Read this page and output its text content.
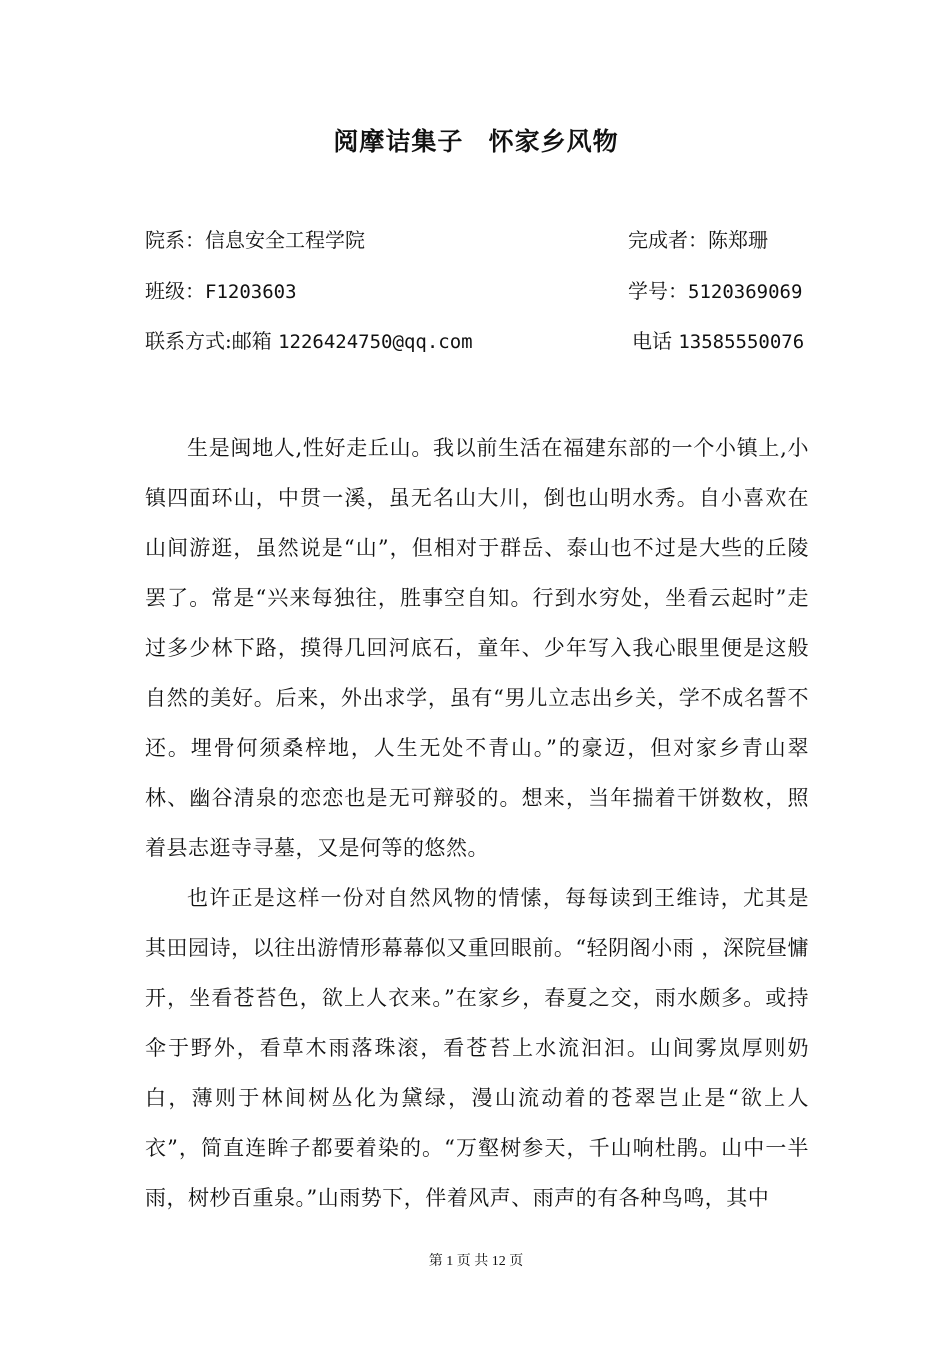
阅摩诘集子	怀家乡风物
院系：信息安全工程学院	完成者：陈郑珊
班级：F1203603	学号：5120369069
联系方式:邮箱 1226424750@qq.com	电话 13585550076

生是闽地人,性好走丘山。我以前生活在福建东部的一个小镇上,小镇四面环山，中贯一溪，虽无名山大川，倒也山明水秀。自小喜欢在山间游逛，虽然说是“山”，但相对于群岳、泰山也不过是大些的丘陵罢了。常是“兴来每独往，胜事空自知。行到水穷处，坐看云起时”走过多少林下路，摸得几回河底石，童年、少年写入我心眼里便是这般自然的美好。后来，外出求学，虽有“男儿立志出乡关，学不成名誓不还。埋骨何须桑梓地，人生无处不青山。”的豪迈，但对家乡青山翠林、幽谷清泉的恋恋也是无可辩驳的。想来，当年揣着干饼数枚，照着县志逛寺寻墓，又是何等的悠然。

也许正是这样一份对自然风物的情愫，每每读到王维诗，尤其是其田园诗，以往出游情形幕幕似又重回眼前。“轻阴阁小雨 ，深院昼慵开，坐看苍苔色，欲上人衣来。”在家乡，春夏之交，雨水颇多。或持伞于野外，看草木雨落珠滚，看苍苔上水流汩汩。山间雾岚厚则奶白，薄则于林间树丛化为黛绿，漫山流动着的苍翠岂止是“欲上人衣”，简直连眸子都要着染的。“万壑树参天，千山响杜鹃。山中一半雨，树杪百重泉。”山雨势下，伴着风声、雨声的有各种鸟鸣，其中

第 1 页 共 12 页
